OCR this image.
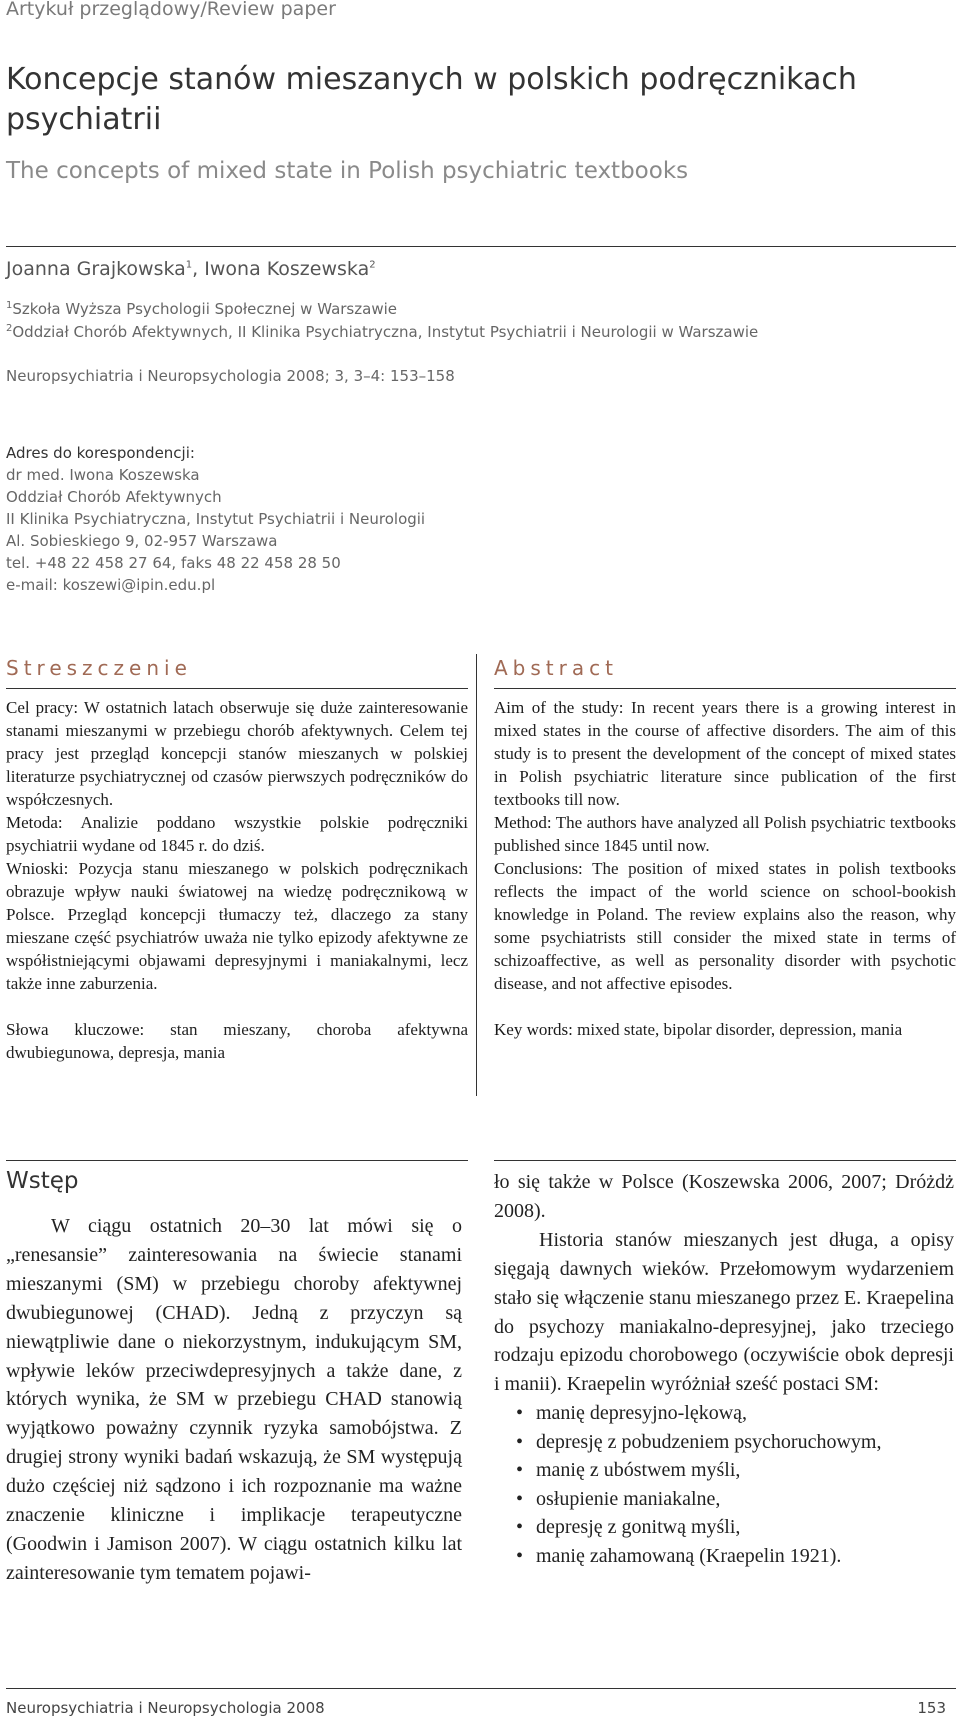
Artykuł przeglądowy/Review paper
Koncepcje stanów mieszanych w polskich podręcznikach psychiatrii
The concepts of mixed state in Polish psychiatric textbooks
Joanna Grajkowska$^1$, Iwona Koszewska$^2$
$^1$Szkoła Wyższa Psychologii Społecznej w Warszawie
$^2$Oddział Chorób Afektywnych, II Klinika Psychiatryczna, Instytut Psychiatrii i Neurologii w Warszawie
Neuropsychiatria i Neuropsychologia 2008; 3, 3–4: 153–158
Adres do korespondencji:
dr med. Iwona Koszewska
Oddział Chorób Afektywnych
II Klinika Psychiatryczna, Instytut Psychiatrii i Neurologii
Al. Sobieskiego 9, 02-957 Warszawa
tel. +48 22 458 27 64, faks 48 22 458 28 50
e-mail: koszewi@ipin.edu.pl
Streszczenie	Abstract

Cel pracy: W ostatnich latach obserwuje się duże zainteresowanie stanami mieszanymi w przebiegu chorób afektywnych. Celem tej pracy jest przegląd koncepcji stanów mieszanych w polskiej literaturze psychiatrycznej od czasów pierwszych podręczników do współczesnych.

Metoda: Analizie poddano wszystkie polskie podręczniki psychiatrii wydane od 1845 r. do dziś.

Wnioski: Pozycja stanu mieszanego w polskich podręcznikach obrazuje wpływ nauki światowej na wiedzę podręcznikową w Polsce. Przegląd koncepcji tłumaczy też, dlaczego za stany mieszane część psychiatrów uważa nie tylko epizody afektywne ze współistniejącymi objawami depresyjnymi i maniakalnymi, lecz także inne zaburzenia.

Słowa kluczowe: stan mieszany, choroba afektywna dwubiegunowa, depresja, mania

Aim of the study: In recent years there is a growing interest in mixed states in the course of affective disorders. The aim of this study is to present the development of the concept of mixed states in Polish psychiatric literature since publication of the first textbooks till now.

Method: The authors have analyzed all Polish psychiatric textbooks published since 1845 until now.

Conclusions: The position of mixed states in polish textbooks reflects the impact of the world science on school-bookish knowledge in Poland. The review explains also the reason, why some psychiatrists still consider the mixed state in terms of schizoaffective, as well as personality disorder with psychotic disease, and not affective episodes.

Key words: mixed state, bipolar disorder, depression, mania

Wstęp

W ciągu ostatnich 20–30 lat mówi się o „renesansie” zainteresowania na świecie stanami mieszanymi (SM) w przebiegu choroby afektywnej dwubiegunowej (CHAD). Jedną z przyczyn są niewątpliwie dane o niekorzystnym, indukującym SM, wpływie leków przeciwdepresyjnych a także dane, z których wynika, że SM w przebiegu CHAD stanowią wyjątkowo poważny czynnik ryzyka samobójstwa. Z drugiej strony wyniki badań wskazują, że SM występują dużo częściej niż sądzono i ich rozpoznanie ma ważne znaczenie kliniczne i implikacje terapeutyczne (Goodwin i Jamison 2007). W ciągu ostatnich kilku lat zainteresowanie tym tematem pojawi-

ło się także w Polsce (Koszewska 2006, 2007; Dróżdż 2008).

Historia stanów mieszanych jest długa, a opisy sięgają dawnych wieków. Przełomowym wydarzeniem stało się włączenie stanu mieszanego przez E. Kraepelina do psychozy maniakalno-depresyjnej, jako trzeciego rodzaju epizodu chorobowego (oczywiście obok depresji i manii). Kraepelin wyróżniał sześć postaci SM:

• manię depresyjno-lękową,
• depresję z pobudzeniem psychoruchowym,
• manię z ubóstwem myśli,
• osłupienie maniakalne,
• depresję z gonitwą myśli,
• manię zahamowaną (Kraepelin 1921).
Neuropsychiatria i Neuropsychologia 2008	153
